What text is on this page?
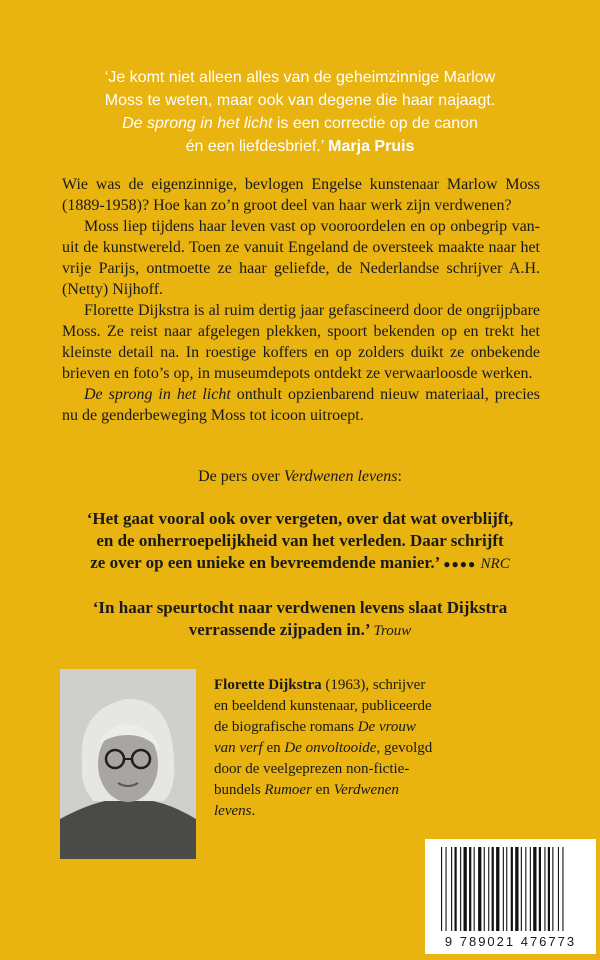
‘Je komt niet alleen alles van de geheimzinnige Marlow
Moss te weten, maar ook van degene die haar najaagt.
De sprong in het licht is een correctie op de canon
én een liefdesbrief.’ Marja Pruis

Wie was de eigenzinnige, bevlogen Engelse kunstenaar Marlow Moss (1889-1958)? Hoe kan zo’n groot deel van haar werk zijn verdwenen?

Moss liep tijdens haar leven vast op vooroordelen en op onbegrip van-uit de kunstwereld. Toen ze vanuit Engeland de oversteek maakte naar het vrije Parijs, ontmoette ze haar geliefde, de Nederlandse schrijver A.H. (Netty) Nijhoff.

Florette Dijkstra is al ruim dertig jaar gefascineerd door de ongrijpbare Moss. Ze reist naar afgelegen plekken, spoort bekenden op en trekt het kleinste detail na. In roestige koffers en op zolders duikt ze onbekende brieven en foto’s op, in museumdepots ontdekt ze verwaarloosde werken.

De sprong in het licht onthult opzienbarend nieuw materiaal, precies nu de genderbeweging Moss tot icoon uitroept.

De pers over Verdwenen levens:
‘Het gaat vooral ook over vergeten, over dat wat overblijft,
en de onherroepelijkheid van het verleden. Daar schrijft
ze over op een unieke en bevreemdende manier.’ ●●●● NRC
‘In haar speurtocht naar verdwenen levens slaat Dijkstra
verrassende zijpaden in.’ Trouw
Florette Dijkstra (1963), schrijver
en beeldend kunstenaar, publiceerde
de biografische romans De vrouw
van verf en De onvoltooide, gevolgd
door de veelgeprezen non-fictie-
bundels Rumoer en Verdwenen
levens.
9 789021 476773
